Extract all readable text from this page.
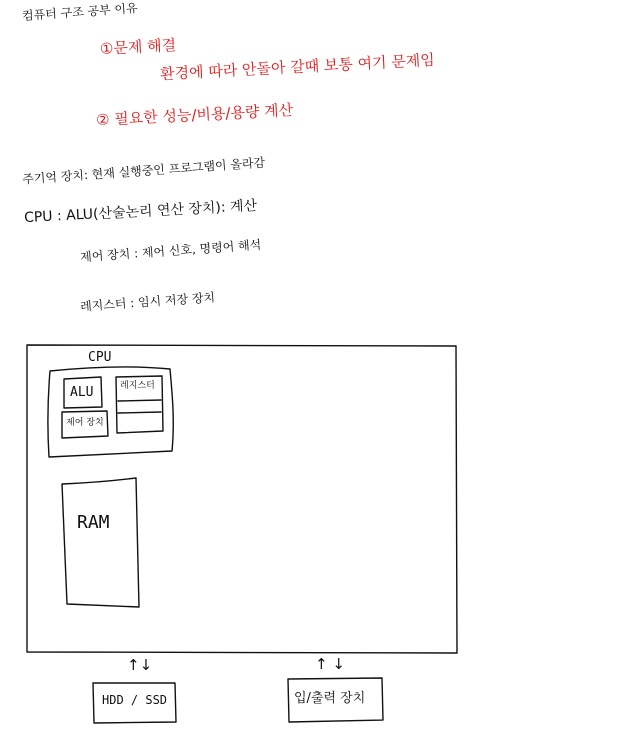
컴퓨터 구조 공부 이유
①문제 해결
환경에 따라 안돌아 갈때 보통 여기 문제임
② 필요한 성능/비용/용량 계산
주기억 장치: 현재 실행중인 프로그램이 올라감
CPU : ALU(산술논리 연산 장치): 계산
제어 장치 : 제어 신호, 명령어 해석
레지스터 : 임시 저장 장치
CPU
ALU	레지스터
제어 장치
RAM
↑↓	↑ ↓
HDD / SSD	입/출력 장치
